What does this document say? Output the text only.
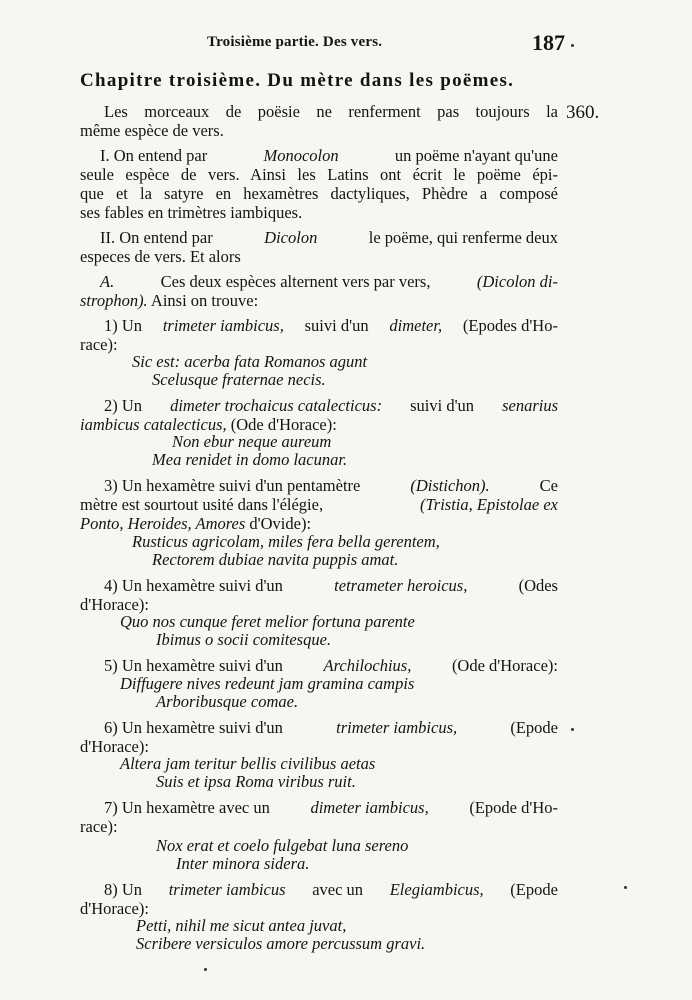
Troisième partie. Des vers.	187
Chapitre troisième. Du mètre dans les poëmes.
360.
Les morceaux de poësie ne renferment pas toujours la
même espèce de vers.
I. On entend par	Monocolon	un poëme n'ayant qu'une
seule espèce de vers. Ainsi les Latins ont écrit le poëme épi-
que et la satyre en hexamètres dactyliques, Phèdre a composé
ses fables en trimètres iambiques.
II. On entend par	Dicolon	le poëme, qui renferme deux
especes de vers. Et alors
A.	Ces deux espèces alternent vers par vers,	(Dicolon di-
strophon). Ainsi on trouve:
1) Un trimeter iambicus, suivi d'un dimeter, (Epodes d'Ho-
race):
Sic est: acerba fata Romanos agunt
Scelusque fraternae necis.
2) Un dimeter trochaicus catalecticus: suivi d'un senarius
iambicus catalecticus, (Ode d'Horace):
Non ebur neque aureum
Mea renidet in domo lacunar.
3) Un hexamètre suivi d'un pentamètre	(Distichon).	Ce
mètre est sourtout usité dans l'élégie,	(Tristia, Epistolae ex
Ponto, Heroides, Amores d'Ovide):
Rusticus agricolam, miles fera bella gerentem,
Rectorem dubiae navita puppis amat.
4) Un hexamètre suivi d'un	tetrameter heroicus,	(Odes
d'Horace):
Quo nos cunque feret melior fortuna parente
Ibimus o socii comitesque.
5) Un hexamètre suivi d'un Archilochius, (Ode d'Horace):
Diffugere nives redeunt jam gramina campis
Arboribusque comae.
6) Un hexamètre suivi d'un	trimeter iambicus,	(Epode
d'Horace):
Altera jam teritur bellis civilibus aetas
Suis et ipsa Roma viribus ruit.
7) Un hexamètre avec un dimeter iambicus, (Epode d'Ho-
race):
Nox erat et coelo fulgebat luna sereno
Inter minora sidera.
8) Un trimeter iambicus avec un Elegiambicus, (Epode
d'Horace):
Petti, nihil me sicut antea juvat,
Scribere versiculos amore percussum gravi.
